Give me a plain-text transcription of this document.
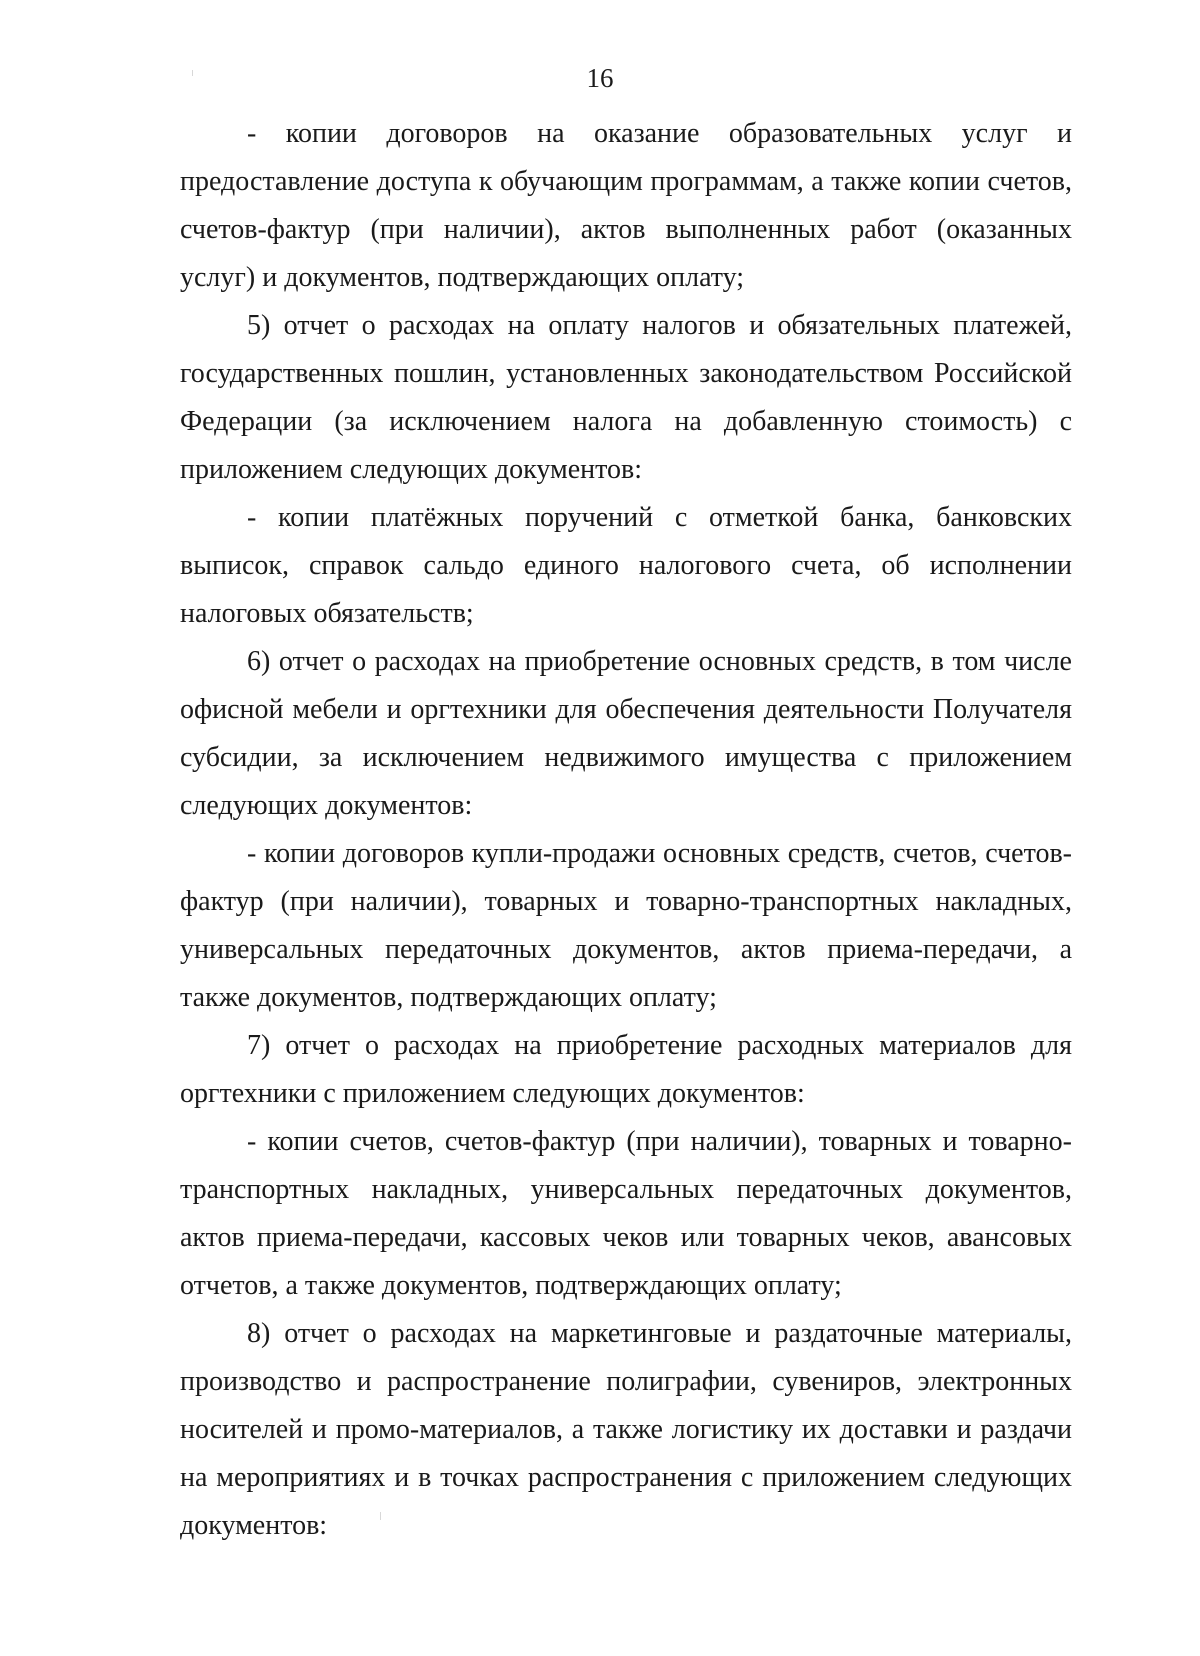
16

- копии договоров на оказание образовательных услуг и предоставление доступа к обучающим программам, а также копии счетов, счетов-фактур (при наличии), актов выполненных работ (оказанных услуг) и документов, подтверждающих оплату;

5) отчет о расходах на оплату налогов и обязательных платежей, государственных пошлин, установленных законодательством Российской Федерации (за исключением налога на добавленную стоимость) с приложением следующих документов:

- копии платёжных поручений с отметкой банка, банковских выписок, справок сальдо единого налогового счета, об исполнении налоговых обязательств;

6) отчет о расходах на приобретение основных средств, в том числе офисной мебели и оргтехники для обеспечения деятельности Получателя субсидии, за исключением недвижимого имущества с приложением следующих документов:

- копии договоров купли-продажи основных средств, счетов, счетов-фактур (при наличии), товарных и товарно-транспортных накладных, универсальных передаточных документов, актов приема-передачи, а также документов, подтверждающих оплату;

7) отчет о расходах на приобретение расходных материалов для оргтехники с приложением следующих документов:

- копии счетов, счетов-фактур (при наличии), товарных и товарно-транспортных накладных, универсальных передаточных документов, актов приема-передачи, кассовых чеков или товарных чеков, авансовых отчетов, а также документов, подтверждающих оплату;

8) отчет о расходах на маркетинговые и раздаточные материалы, производство и распространение полиграфии, сувениров, электронных носителей и промо-материалов, а также логистику их доставки и раздачи на мероприятиях и в точках распространения с приложением следующих документов:
